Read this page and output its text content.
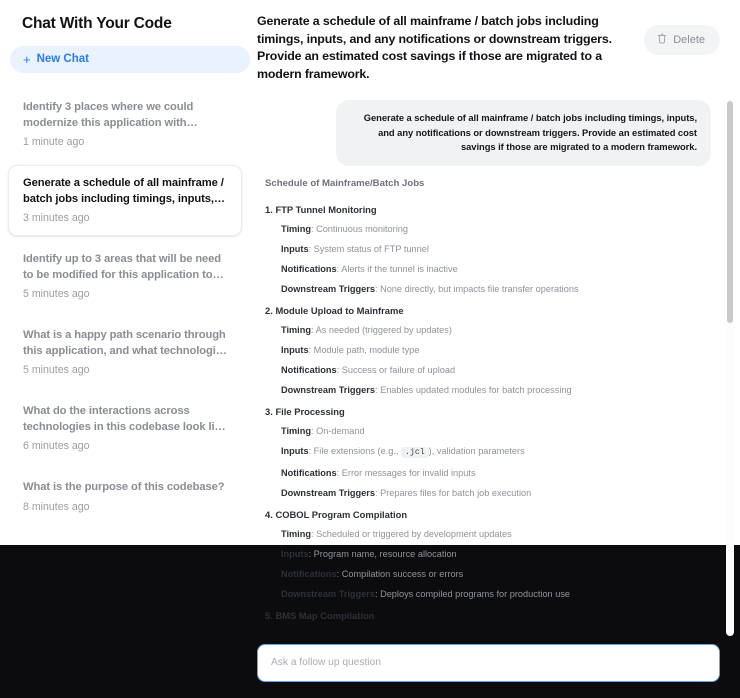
Chat With Your Code
+ New Chat
Identify 3 places where we could modernize this application with…
1 minute ago
Generate a schedule of all mainframe / batch jobs including timings, inputs,…
3 minutes ago
Identify up to 3 areas that will be need to be modified for this application to…
5 minutes ago
What is a happy path scenario through this application, and what technologi…
5 minutes ago
What do the interactions across technologies in this codebase look li…
6 minutes ago
What is the purpose of this codebase?
8 minutes ago
Generate a schedule of all mainframe / batch jobs including timings, inputs, and any notifications or downstream triggers. Provide an estimated cost savings if those are migrated to a modern framework.
Delete
Generate a schedule of all mainframe / batch jobs including timings, inputs, and any notifications or downstream triggers. Provide an estimated cost savings if those are migrated to a modern framework.
Schedule of Mainframe/Batch Jobs
1. FTP Tunnel Monitoring
Timing: Continuous monitoring
Inputs: System status of FTP tunnel
Notifications: Alerts if the tunnel is inactive
Downstream Triggers: None directly, but impacts file transfer operations
2. Module Upload to Mainframe
Timing: As needed (triggered by updates)
Inputs: Module path, module type
Notifications: Success or failure of upload
Downstream Triggers: Enables updated modules for batch processing
3. File Processing
Timing: On-demand
Inputs: File extensions (e.g., .jcl ), validation parameters
Notifications: Error messages for invalid inputs
Downstream Triggers: Prepares files for batch job execution
4. COBOL Program Compilation
Timing: Scheduled or triggered by development updates
Inputs: Program name, resource allocation
Notifications: Compilation success or errors
Downstream Triggers: Deploys compiled programs for production use
5. BMS Map Compilation
Ask a follow up question
